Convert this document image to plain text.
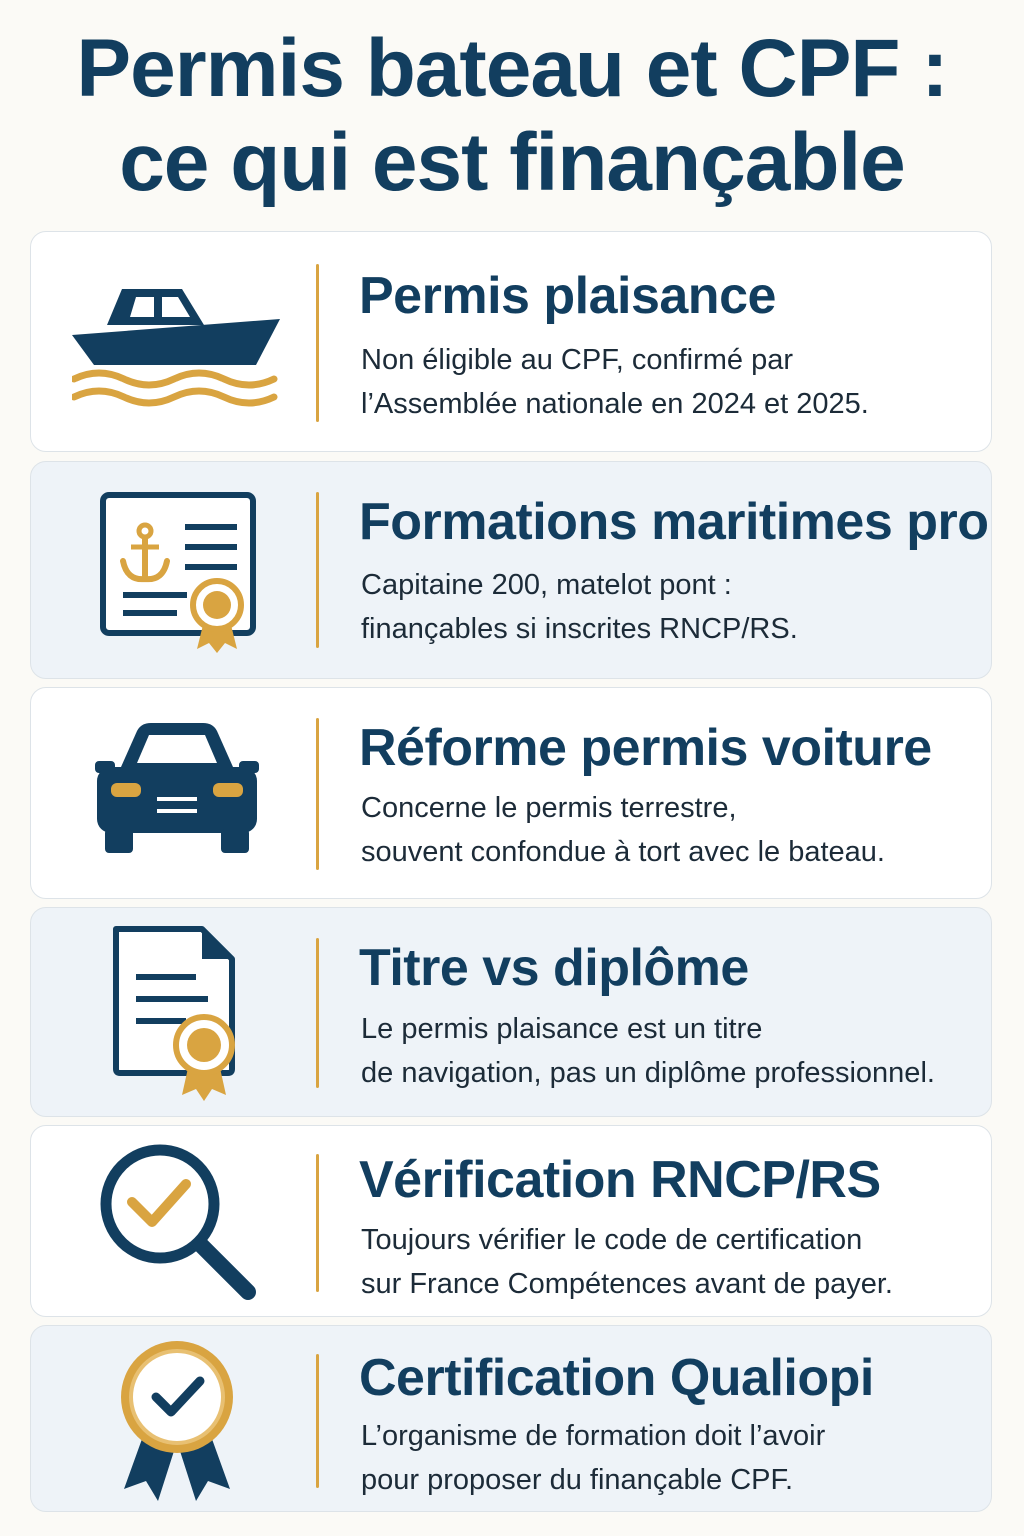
Permis bateau et CPF :
ce qui est finançable
Permis plaisance
Non éligible au CPF, confirmé par
l’Assemblée nationale en 2024 et 2025.
Formations maritimes pro
Capitaine 200, matelot pont :
finançables si inscrites RNCP/RS.
Réforme permis voiture
Concerne le permis terrestre,
souvent confondue à tort avec le bateau.
Titre vs diplôme
Le permis plaisance est un titre
de navigation, pas un diplôme professionnel.
Vérification RNCP/RS
Toujours vérifier le code de certification
sur France Compétences avant de payer.
Certification Qualiopi
L’organisme de formation doit l’avoir
pour proposer du finançable CPF.
